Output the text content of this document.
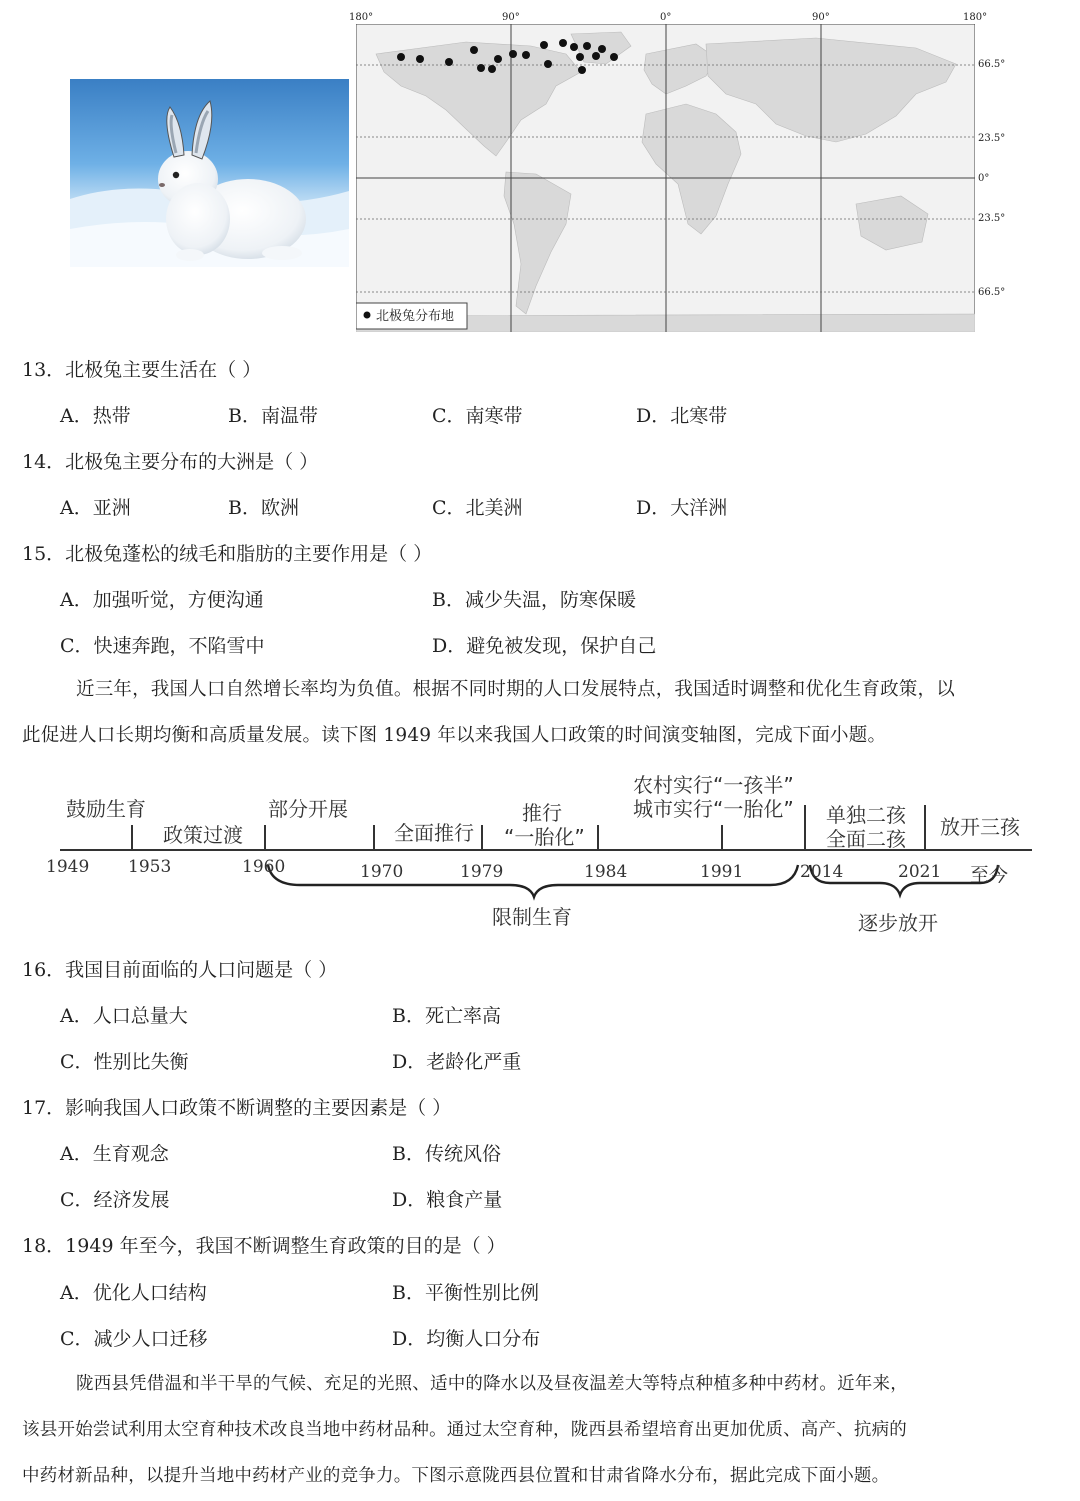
北极兔分布地
180°	90°	0°	90°	180°
66.5°
23.5°
0°
23.5°
66.5°
13．北极兔主要生活在（ ）
A．热带	B．南温带	C．南寒带	D．北寒带
14．北极兔主要分布的大洲是（ ）
A．亚洲	B．欧洲	C．北美洲	D．大洋洲
15．北极兔蓬松的绒毛和脂肪的主要作用是（ ）
A．加强听觉，方便沟通	B．减少失温，防寒保暖
C．快速奔跑，不陷雪中	D．避免被发现，保护自己
近三年，我国人口自然增长率均为负值。根据不同时期的人口发展特点，我国适时调整和优化生育政策，以
此促进人口长期均衡和高质量发展。读下图 1949 年以来我国人口政策的时间演变轴图，完成下面小题。
鼓励生育
政策过渡
部分开展
全面推行
推行
“一胎化”
农村实行“一孩半”
城市实行“一胎化” 单独二孩
全面二孩 放开三孩
1949 1953	1960	1970	1979	1984	1991	2014	2021 至今
限制生育	逐步放开
16．我国目前面临的人口问题是（ ）
A．人口总量大	B．死亡率高
C．性别比失衡	D．老龄化严重
17．影响我国人口政策不断调整的主要因素是（ ）
A．生育观念	B．传统风俗
C．经济发展	D．粮食产量
18．1949 年至今，我国不断调整生育政策的目的是（ ）
A．优化人口结构	B．平衡性别比例
C．减少人口迁移	D．均衡人口分布
陇西县凭借温和半干旱的气候、充足的光照、适中的降水以及昼夜温差大等特点种植多种中药材。近年来，
该县开始尝试利用太空育种技术改良当地中药材品种。通过太空育种，陇西县希望培育出更加优质、高产、抗病的
中药材新品种，以提升当地中药材产业的竞争力。下图示意陇西县位置和甘肃省降水分布，据此完成下面小题。
